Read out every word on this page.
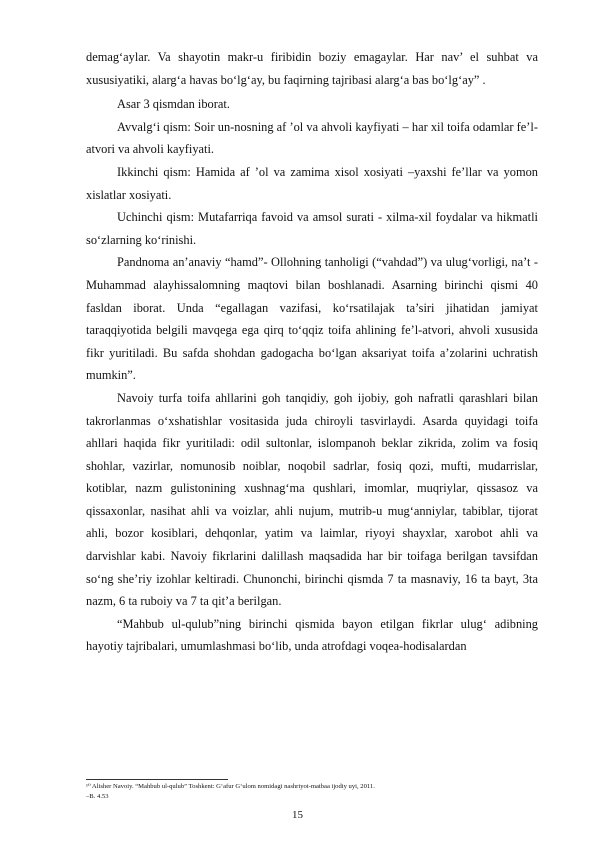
demag‘aylar. Va shayotin makr-u firibidin boziy emagaylar. Har nav’ el suhbat va xususiyatiki, alarg‘a havas bo‘lg‘ay, bu faqirning tajribasi alarg‘a bas bo‘lg‘ay” .

Asar 3 qismdan iborat.

Avvalg‘i qism: Soir un-nosning af ’ol va ahvoli kayfiyati – har xil toifa odamlar fe’l-atvori va ahvoli kayfiyati.

Ikkinchi qism: Hamida af ’ol va zamima xisol xosiyati –yaxshi fe’llar va yomon xislatlar xosiyati.

Uchinchi qism: Mutafarriqa favoid va amsol surati - xilma-xil foydalar va hikmatli so‘zlarning ko‘rinishi.

Pandnoma an’anaviy “hamd”- Ollohning tanholigi (“vahdad”) va ulug‘vorligi, na’t - Muhammad alayhissalomning maqtovi bilan boshlanadi. Asarning birinchi qismi 40 fasldan iborat. Unda “egallagan vazifasi, ko‘rsatilajak ta’siri jihatidan jamiyat taraqqiyotida belgili mavqega ega qirq to‘qqiz toifa ahlining fe’l-atvori, ahvoli xususida fikr yuritiladi. Bu safda shohdan gadogacha bo‘lgan aksariyat toifa a’zolarini uchratish mumkin”.

Navoiy turfa toifa ahllarini goh tanqidiy, goh ijobiy, goh nafratli qarashlari bilan takrorlanmas o‘xshatishlar vositasida juda chiroyli tasvirlaydi. Asarda quyidagi toifa ahllari haqida fikr yuritiladi: odil sultonlar, islompanoh beklar zikrida, zolim va fosiq shohlar, vazirlar, nomunosib noiblar, noqobil sadrlar, fosiq qozi, mufti, mudarrislar, kotiblar, nazm gulistonining xushnag‘ma qushlari, imomlar, muqriylar, qissasoz va qissaxonlar, nasihat ahli va voizlar, ahli nujum, mutrib-u mug‘anniylar, tabiblar, tijorat ahli, bozor kosiblari, dehqonlar, yatim va laimlar, riyoyi shayxlar, xarobot ahli va darvishlar kabi. Navoiy fikrlarini dalillash maqsadida har bir toifaga berilgan tavsifdan so‘ng she’riy izohlar keltiradi. Chunonchi, birinchi qismda 7 ta masnaviy, 16 ta bayt, 3ta nazm, 6 ta ruboiy va 7 ta qit’a berilgan.

“Mahbub ul-qulub”ning birinchi qismida bayon etilgan fikrlar ulug‘ adibning hayotiy tajribalari, umumlashmasi bo‘lib, unda atrofdagi voqea-hodisalardan

¹⁰ Alisher Navoiy. “Mahbub ul-qulub” Toshkent: G‘afur G‘ulom nomidagi nashriyot-matbaa ijodiy uyi, 2011.

–B. 4.53

15
